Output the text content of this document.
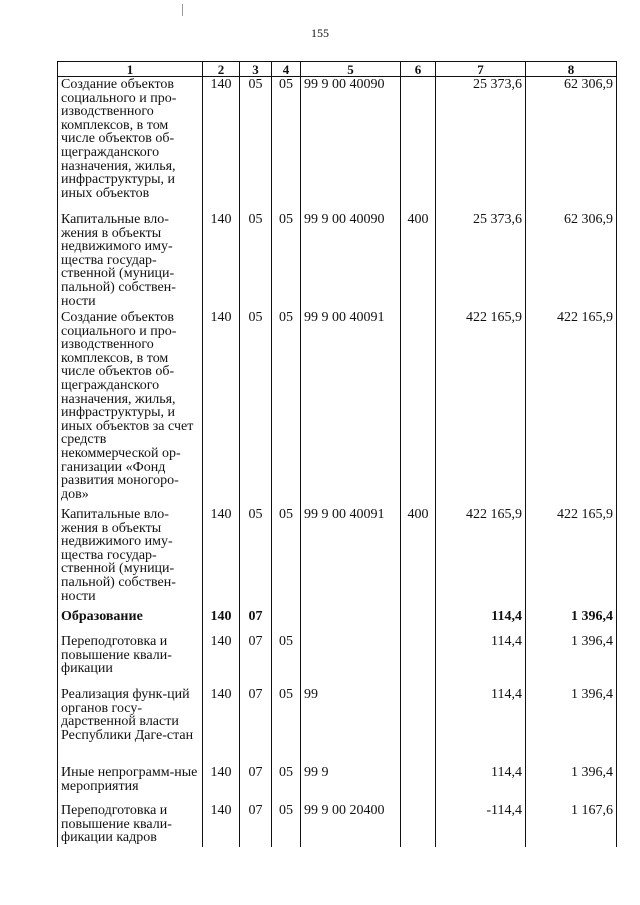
155
1	2	3	4	5	6	7	8
Создание объектов социального и про-изводственного комплексов, в том числе объектов об-щегражданского назначения, жилья, инфраструктуры, и иных объектов	140	05	05	99 9 00 40090		25 373,6	62 306,9
Капитальные вло-жения в объекты недвижимого иму-щества государ-ственной (муници-пальной) собствен-ности	140	05	05	99 9 00 40090	400	25 373,6	62 306,9
Создание объектов социального и про-изводственного комплексов, в том числе объектов об-щегражданского назначения, жилья, инфраструктуры, и иных объектов за счет средств некоммерческой ор-ганизации «Фонд развития моногоро-дов»	140	05	05	99 9 00 40091		422 165,9	422 165,9
Капитальные вло-жения в объекты недвижимого иму-щества государ-ственной (муници-пальной) собствен-ности	140	05	05	99 9 00 40091	400	422 165,9	422 165,9
Образование	140	07				114,4	1 396,4
Переподготовка и повышение квали-фикации	140	07	05			114,4	1 396,4
Реализация функ-ций органов госу-дарственной власти Республики Даге-стан	140	07	05	99		114,4	1 396,4
Иные непрограмм-ные мероприятия	140	07	05	99 9		114,4	1 396,4
Переподготовка и повышение квали-фикации кадров	140	07	05	99 9 00 20400		-114,4	1 167,6
